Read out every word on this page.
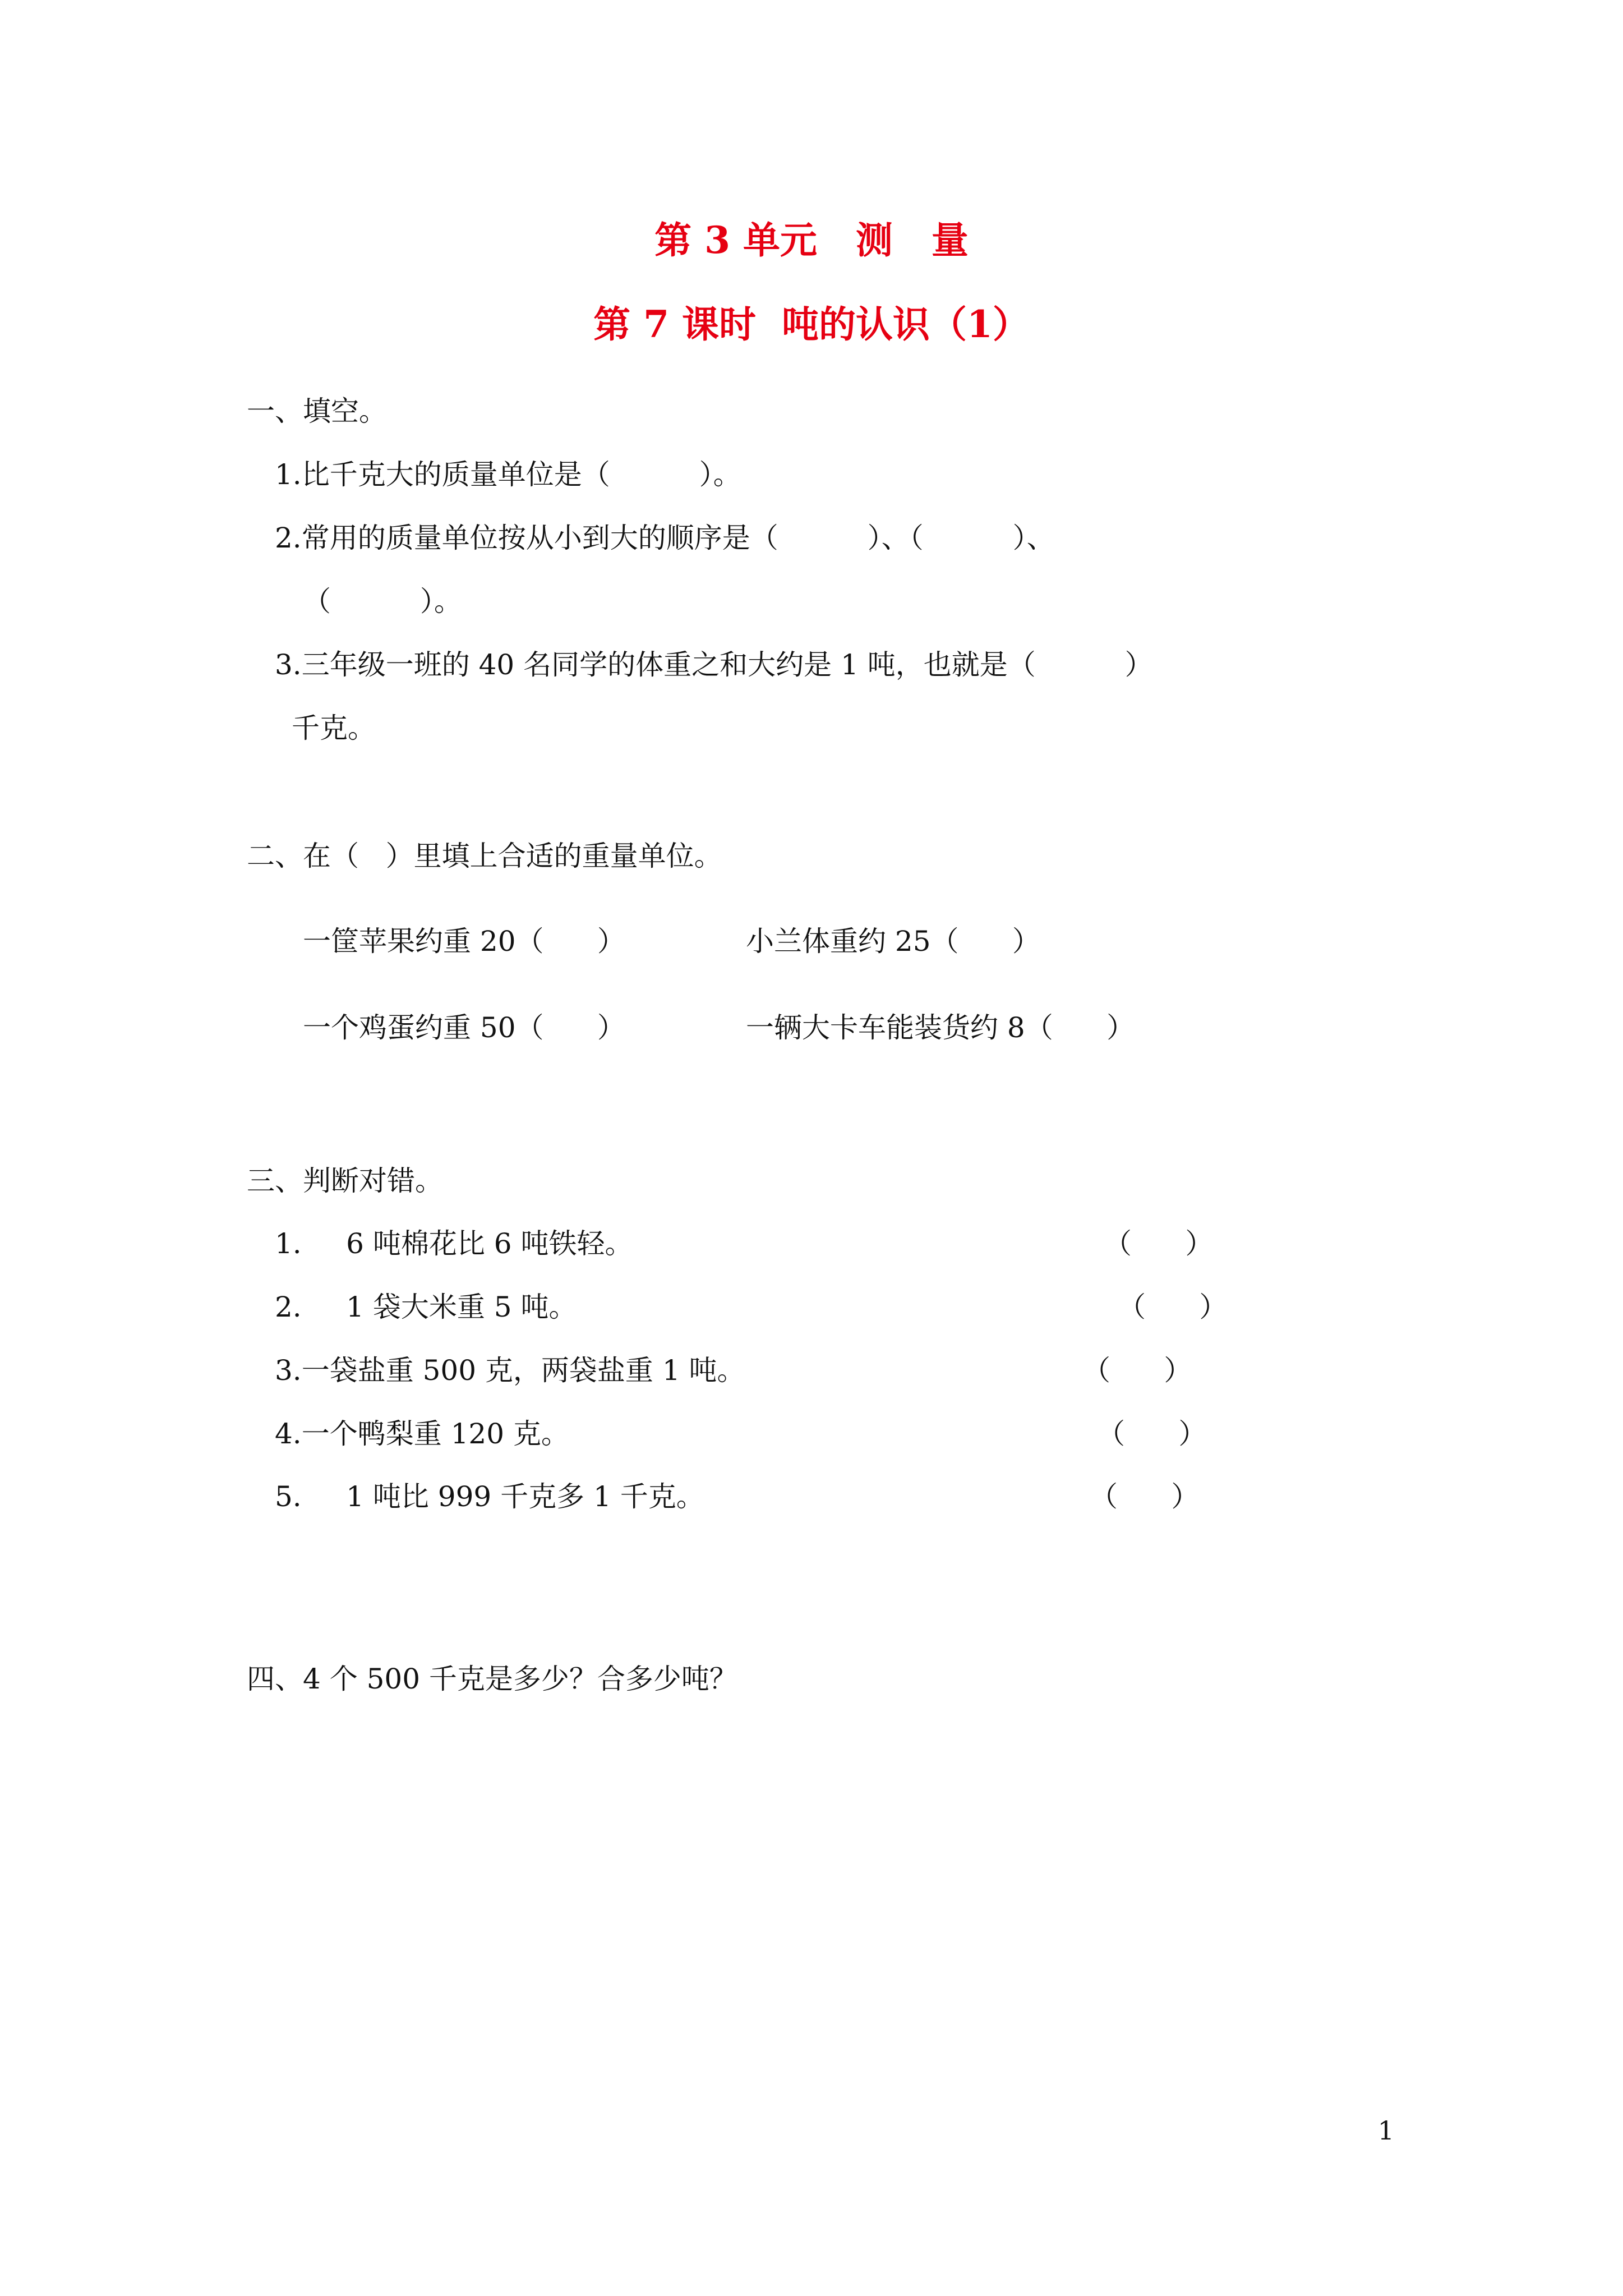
第 3 单元   测   量
第 7 课时  吨的认识（1）
一、填空。
1.比千克大的质量单位是（          ）。
2.常用的质量单位按从小到大的顺序是（          ）、（          ）、
（          ）。
3.三年级一班的 40 名同学的体重之和大约是 1 吨，也就是（          ）
千克。
二、在（   ）里填上合适的重量单位。
一筐苹果约重 20（      ）	小兰体重约 25（      ）
一个鸡蛋约重 50（      ）	一辆大卡车能装货约 8（      ）
三、判断对错。
1.     6 吨棉花比 6 吨铁轻。	（      ）
2.     1 袋大米重 5 吨。	（      ）
3.一袋盐重 500 克，两袋盐重 1 吨。	（      ）
4.一个鸭梨重 120 克。	（      ）
5.     1 吨比 999 千克多 1 千克。	（      ）
四、4 个 500 千克是多少？合多少吨？
1
